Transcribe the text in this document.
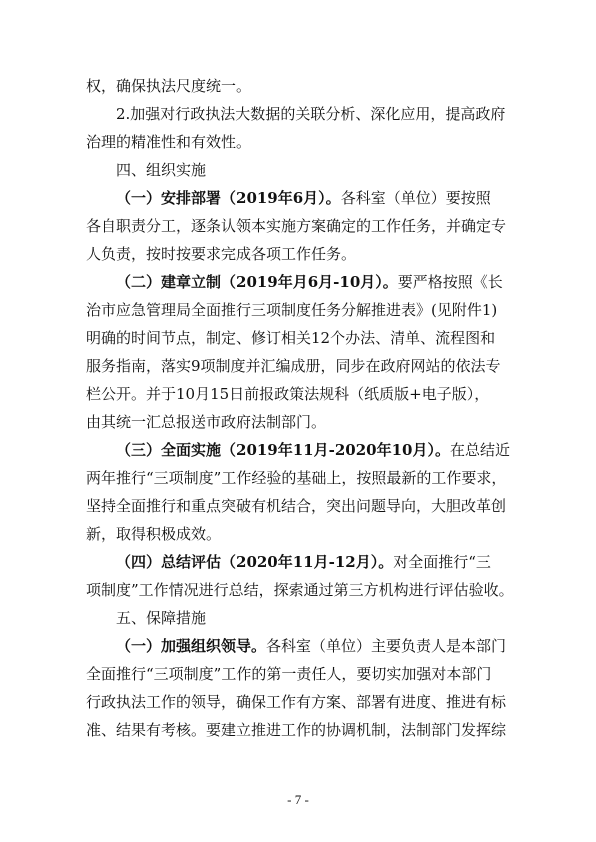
权，确保执法尺度统一。
2.加强对行政执法大数据的关联分析、深化应用，提高政府
治理的精准性和有效性。
四、组织实施
（一）安排部署（2019年6月）。各科室（单位）要按照
各自职责分工，逐条认领本实施方案确定的工作任务，并确定专
人负责，按时按要求完成各项工作任务。
（二）建章立制（2019年月6月-10月）。要严格按照《长
治市应急管理局全面推行三项制度任务分解推进表》(见附件1)
明确的时间节点，制定、修订相关12个办法、清单、流程图和
服务指南，落实9项制度并汇编成册，同步在政府网站的依法专
栏公开。并于10月15日前报政策法规科（纸质版+电子版），
由其统一汇总报送市政府法制部门。
（三）全面实施（2019年11月-2020年10月）。在总结近
两年推行“三项制度”工作经验的基础上，按照最新的工作要求，
坚持全面推行和重点突破有机结合，突出问题导向，大胆改革创
新，取得积极成效。
（四）总结评估（2020年11月-12月）。对全面推行“三
项制度”工作情况进行总结，探索通过第三方机构进行评估验收。
五、保障措施
（一）加强组织领导。各科室（单位）主要负责人是本部门
全面推行“三项制度”工作的第一责任人，要切实加强对本部门
行政执法工作的领导，确保工作有方案、部署有进度、推进有标
准、结果有考核。要建立推进工作的协调机制，法制部门发挥综
- 7 -
